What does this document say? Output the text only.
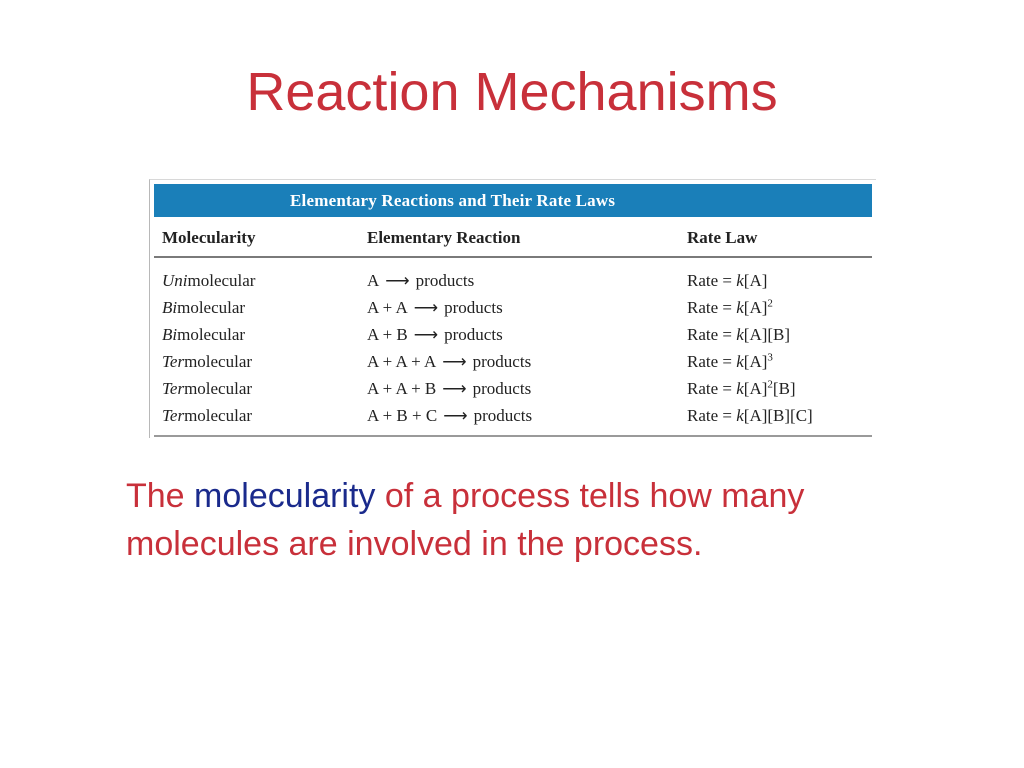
Reaction Mechanisms
Elementary Reactions and Their Rate Laws
Molecularity	Elementary Reaction	Rate Law
Unimolecular	A ⟶ products	Rate = k[A]
Bimolecular	A + A ⟶ products	Rate = $k[A]^2$
Bimolecular	A + B ⟶ products	Rate = k[A][B]
Termolecular	A + A + A ⟶ products	Rate = $k[A]^3$
Termolecular	A + A + B ⟶ products	Rate = $k[A]^2[B]$
Termolecular	A + B + C ⟶ products	Rate = k[A][B][C]

The molecularity of a process tells how many molecules are involved in the process.
